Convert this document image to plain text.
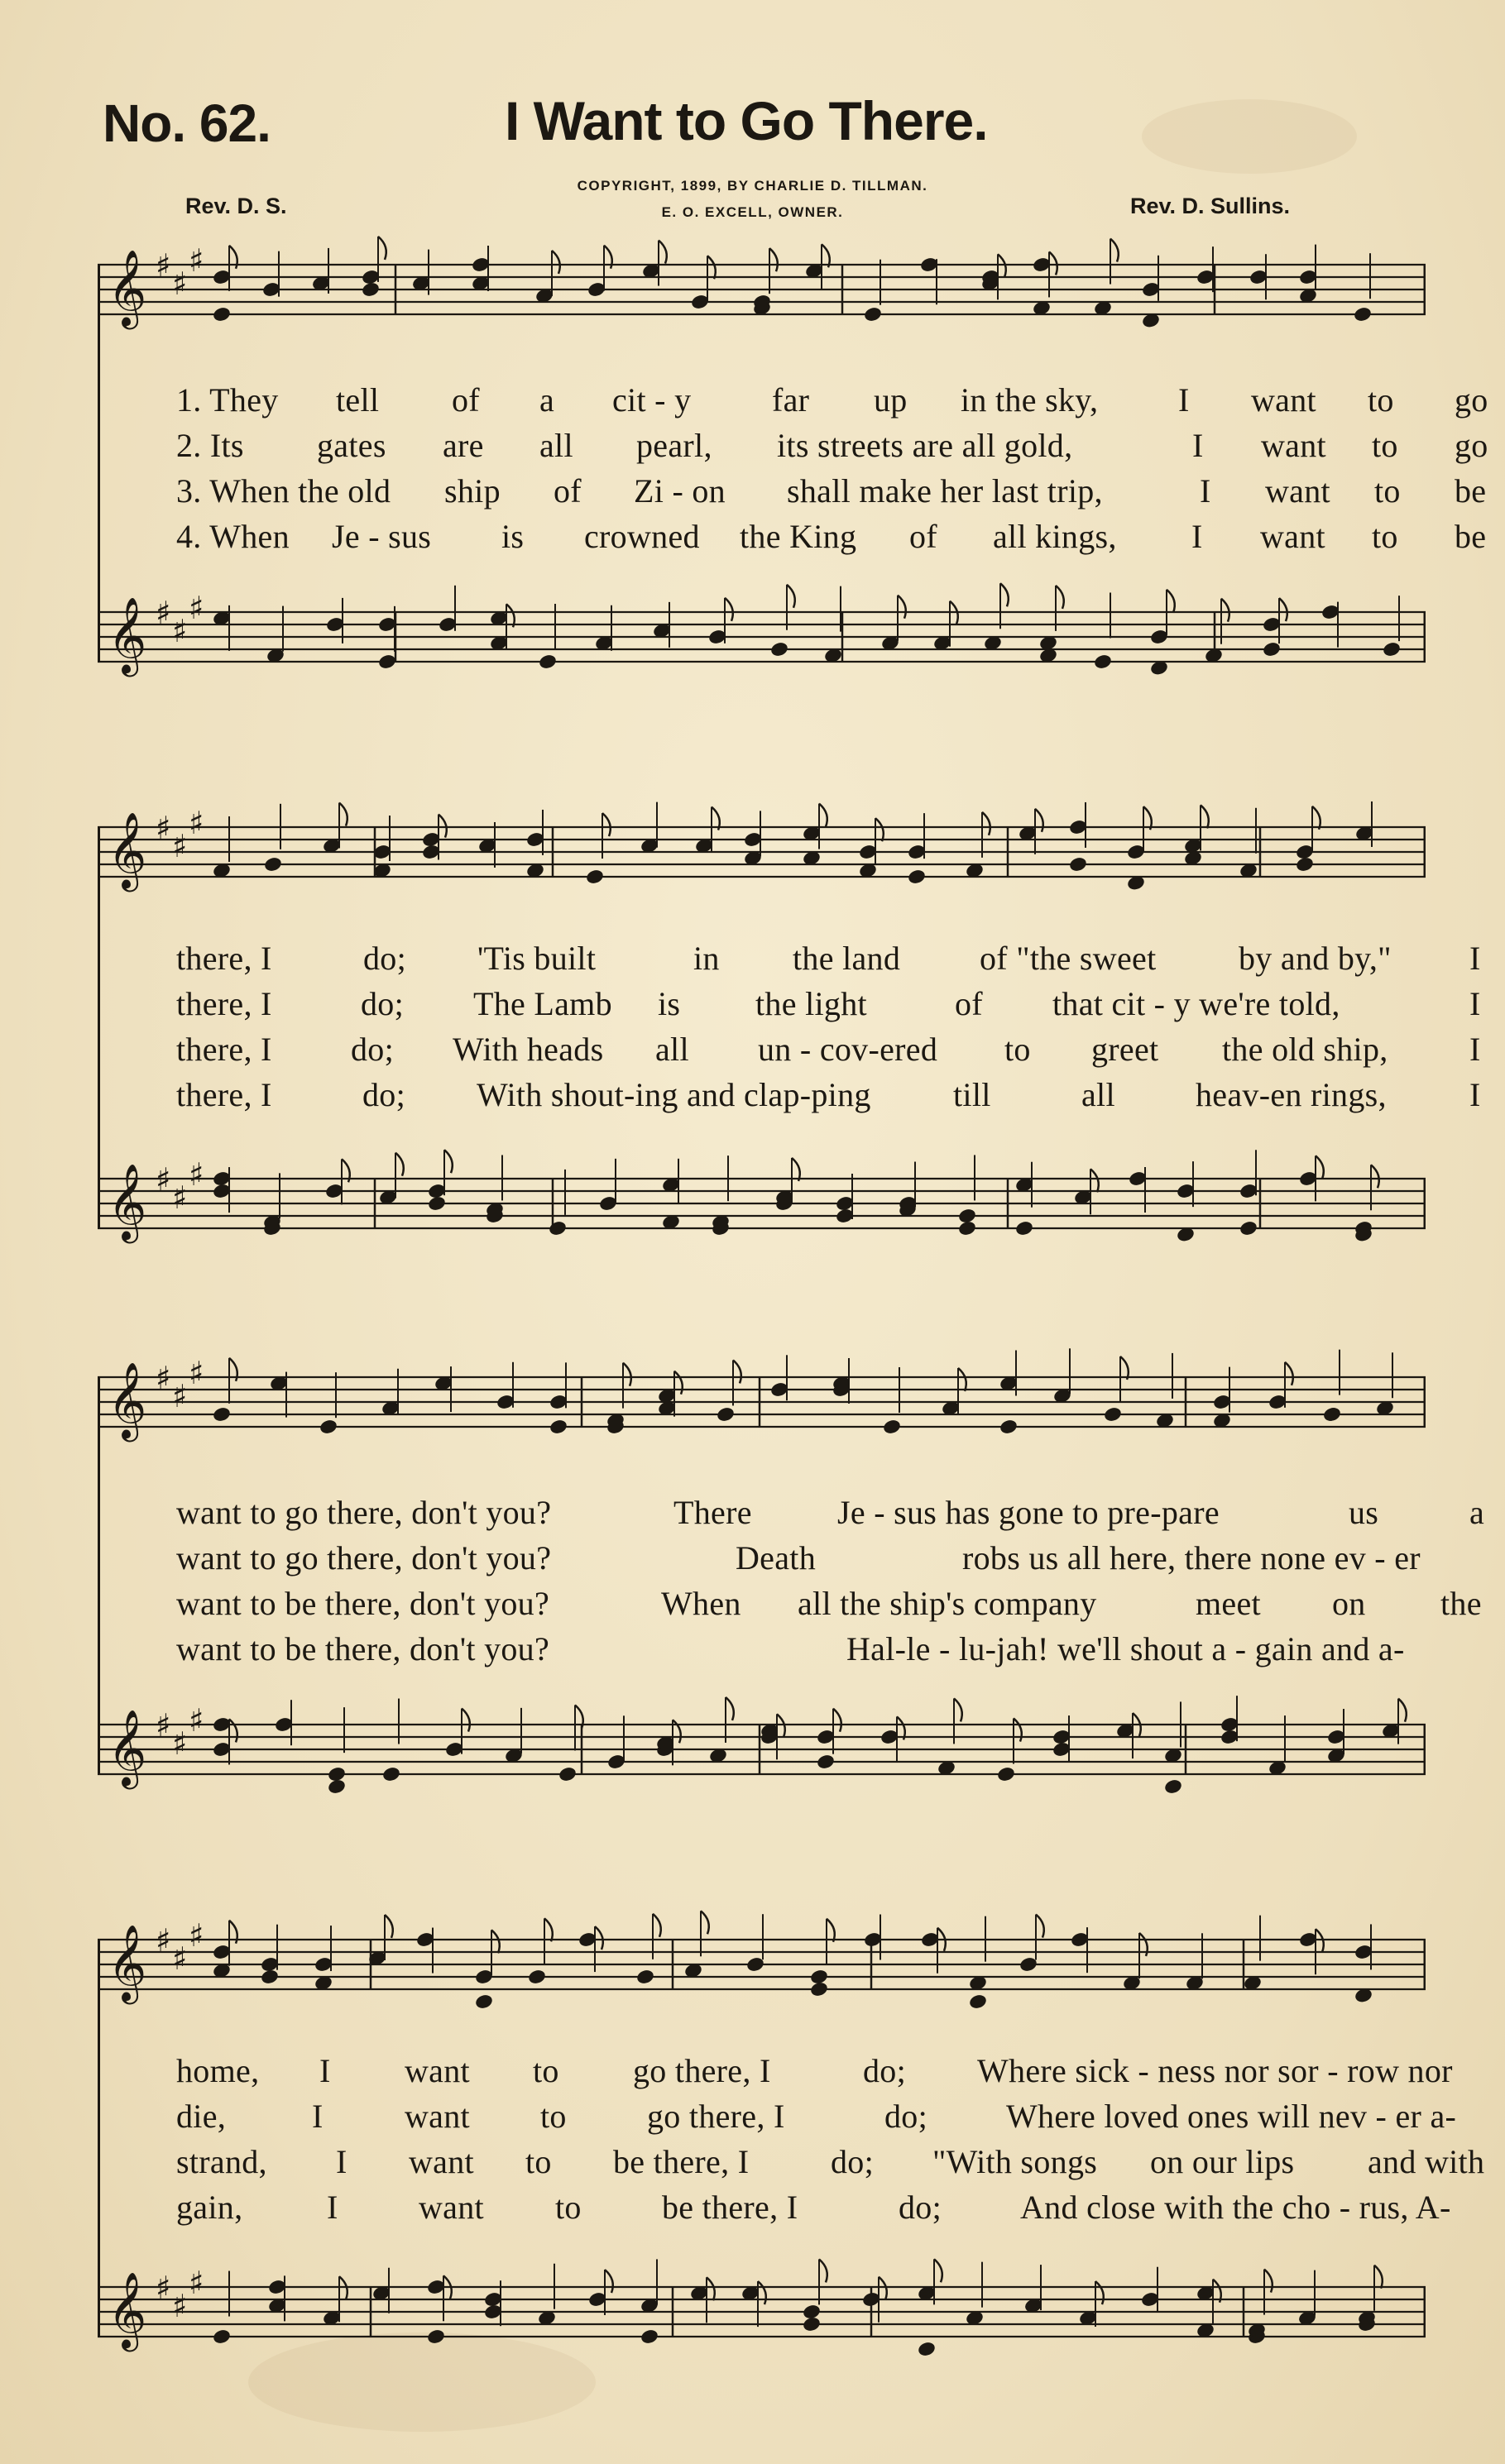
No. 62.	I Want to Go There.
COPYRIGHT, 1899, BY CHARLIE D. TILLMAN.
E. O. EXCELL, OWNER.
Rev. D. S.	Rev. D. Sullins.
𝄞 ♯ ♯
♯
𝄞 ♯ ♯
♯
1. They tell of a cit - y far up in the sky, I want to go
2. Its gates are all pearl, its streets are all gold,	I want to go
3. When the old ship of Zi - on shall make her last trip,	I want to be
4. When Je - sus is crowned the King of all kings, I want to be
𝄞 ♯ ♯
♯
𝄞 ♯ ♯
♯
there, I	do; 'Tis built	in the land of "the sweet by and by," I
there, I	do; The Lamb is the light	of that cit - y we're told,	I
there, I do; With heads all un - cov-ered to greet the old ship, I
there, I	do; With shout-ing and clap-ping till	all heav-en rings,	I
𝄞 ♯ ♯
♯
𝄞 ♯ ♯
♯
want to go there, don't you?	There	Je - sus has gone to pre-pare	us	a
want to go there, don't you?	Death	robs us all here, there none ev - er
want to be there, don't you?	When all the ship's company	meet on the
want to be there, don't you?	Hal-le - lu-jah! we'll shout a - gain and a-
𝄞 ♯ ♯
♯
𝄞 ♯ ♯
♯
home, I want to go there, I	do; Where sick - ness nor sor - row nor
die,	I want to go there, I	do; Where loved ones will nev - er a-
strand, I want to be there, I do; "With songs on our lips and with
gain,	I want to be there, I	do; And close with the cho - rus, A-
